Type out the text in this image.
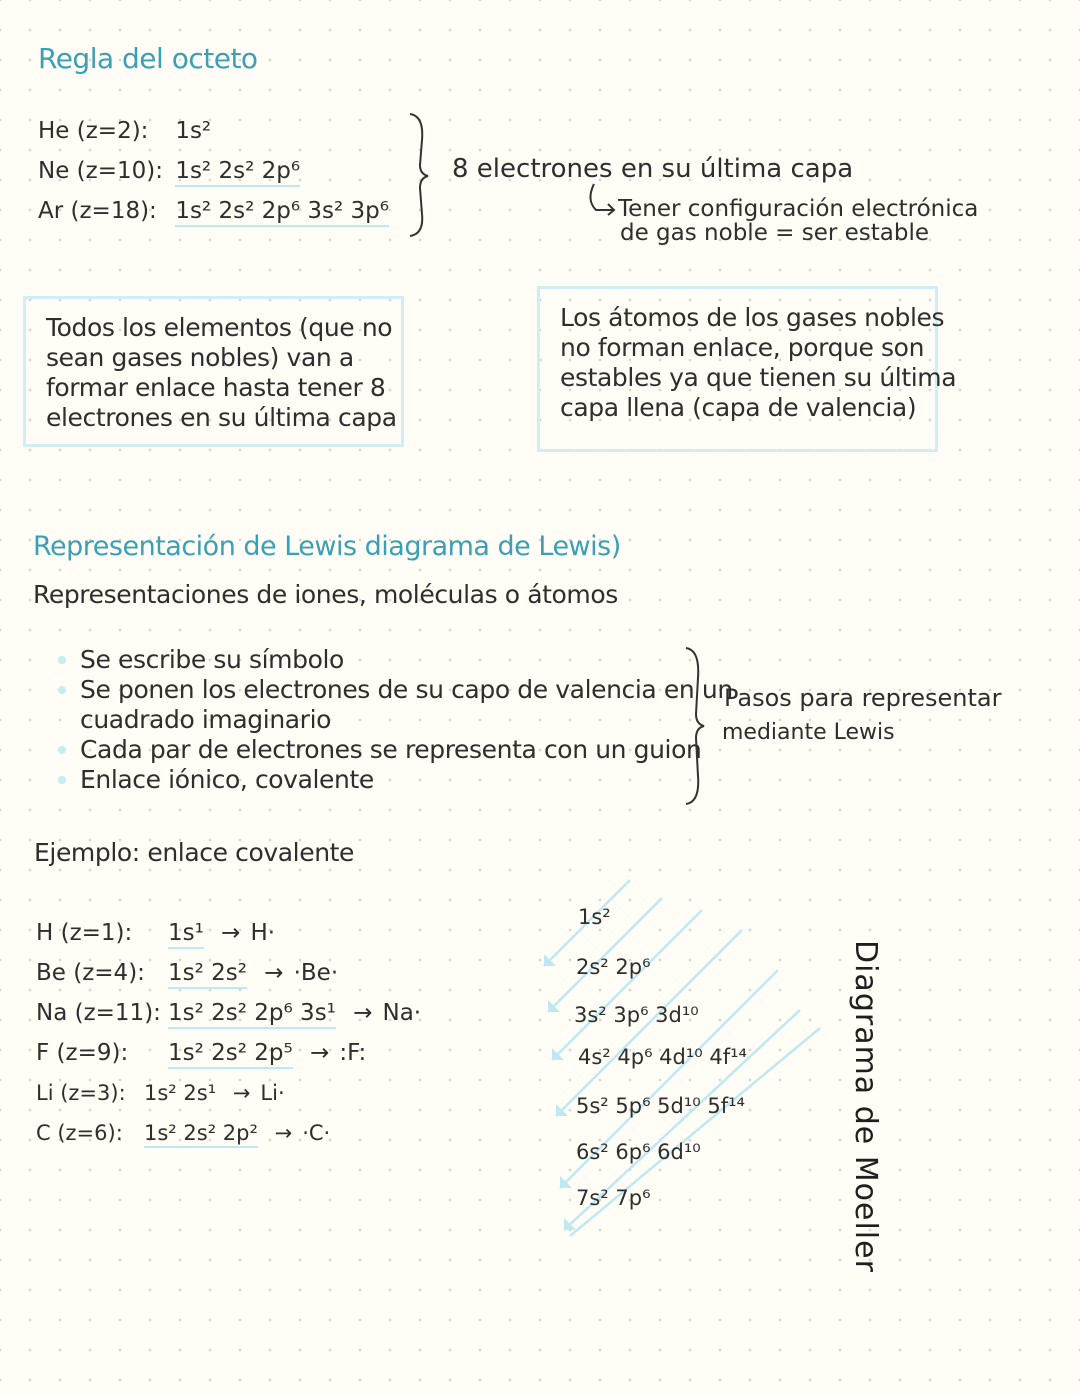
Regla del octeto
He (z=2): 1s²
Ne (z=10): 1s² 2s² 2p⁶
Ar (z=18): 1s² 2s² 2p⁶ 3s² 3p⁶
8 electrones en su última capa
Tener configuración electrónica
de gas noble = ser estable
Todos los elementos (que no
sean gases nobles) van a
formar enlace hasta tener 8
electrones en su última capa
Los átomos de los gases nobles
no forman enlace, porque son
estables ya que tienen su última
capa llena (capa de valencia)
Representación de Lewis diagrama de Lewis)
Representaciones de iones, moléculas o átomos
Se escribe su símbolo
Se ponen los electrones de su capo de valencia en un
cuadrado imaginario
Cada par de electrones se representa con un guion
Enlace iónico, covalente
Pasos para representar
mediante Lewis
Ejemplo: enlace covalente
H (z=1): 1s¹ → H·
Be (z=4): 1s² 2s² → ·Be·
Na (z=11): 1s² 2s² 2p⁶ 3s¹ → Na·
F (z=9): 1s² 2s² 2p⁵ → :F:
Li (z=3): 1s² 2s¹ → Li·
C (z=6): 1s² 2s² 2p² → ·C·
1s²
2s² 2p⁶
3s² 3p⁶ 3d¹⁰
4s² 4p⁶ 4d¹⁰ 4f¹⁴
5s² 5p⁶ 5d¹⁰ 5f¹⁴
6s² 6p⁶ 6d¹⁰
7s² 7p⁶	Diagrama de Moeller
